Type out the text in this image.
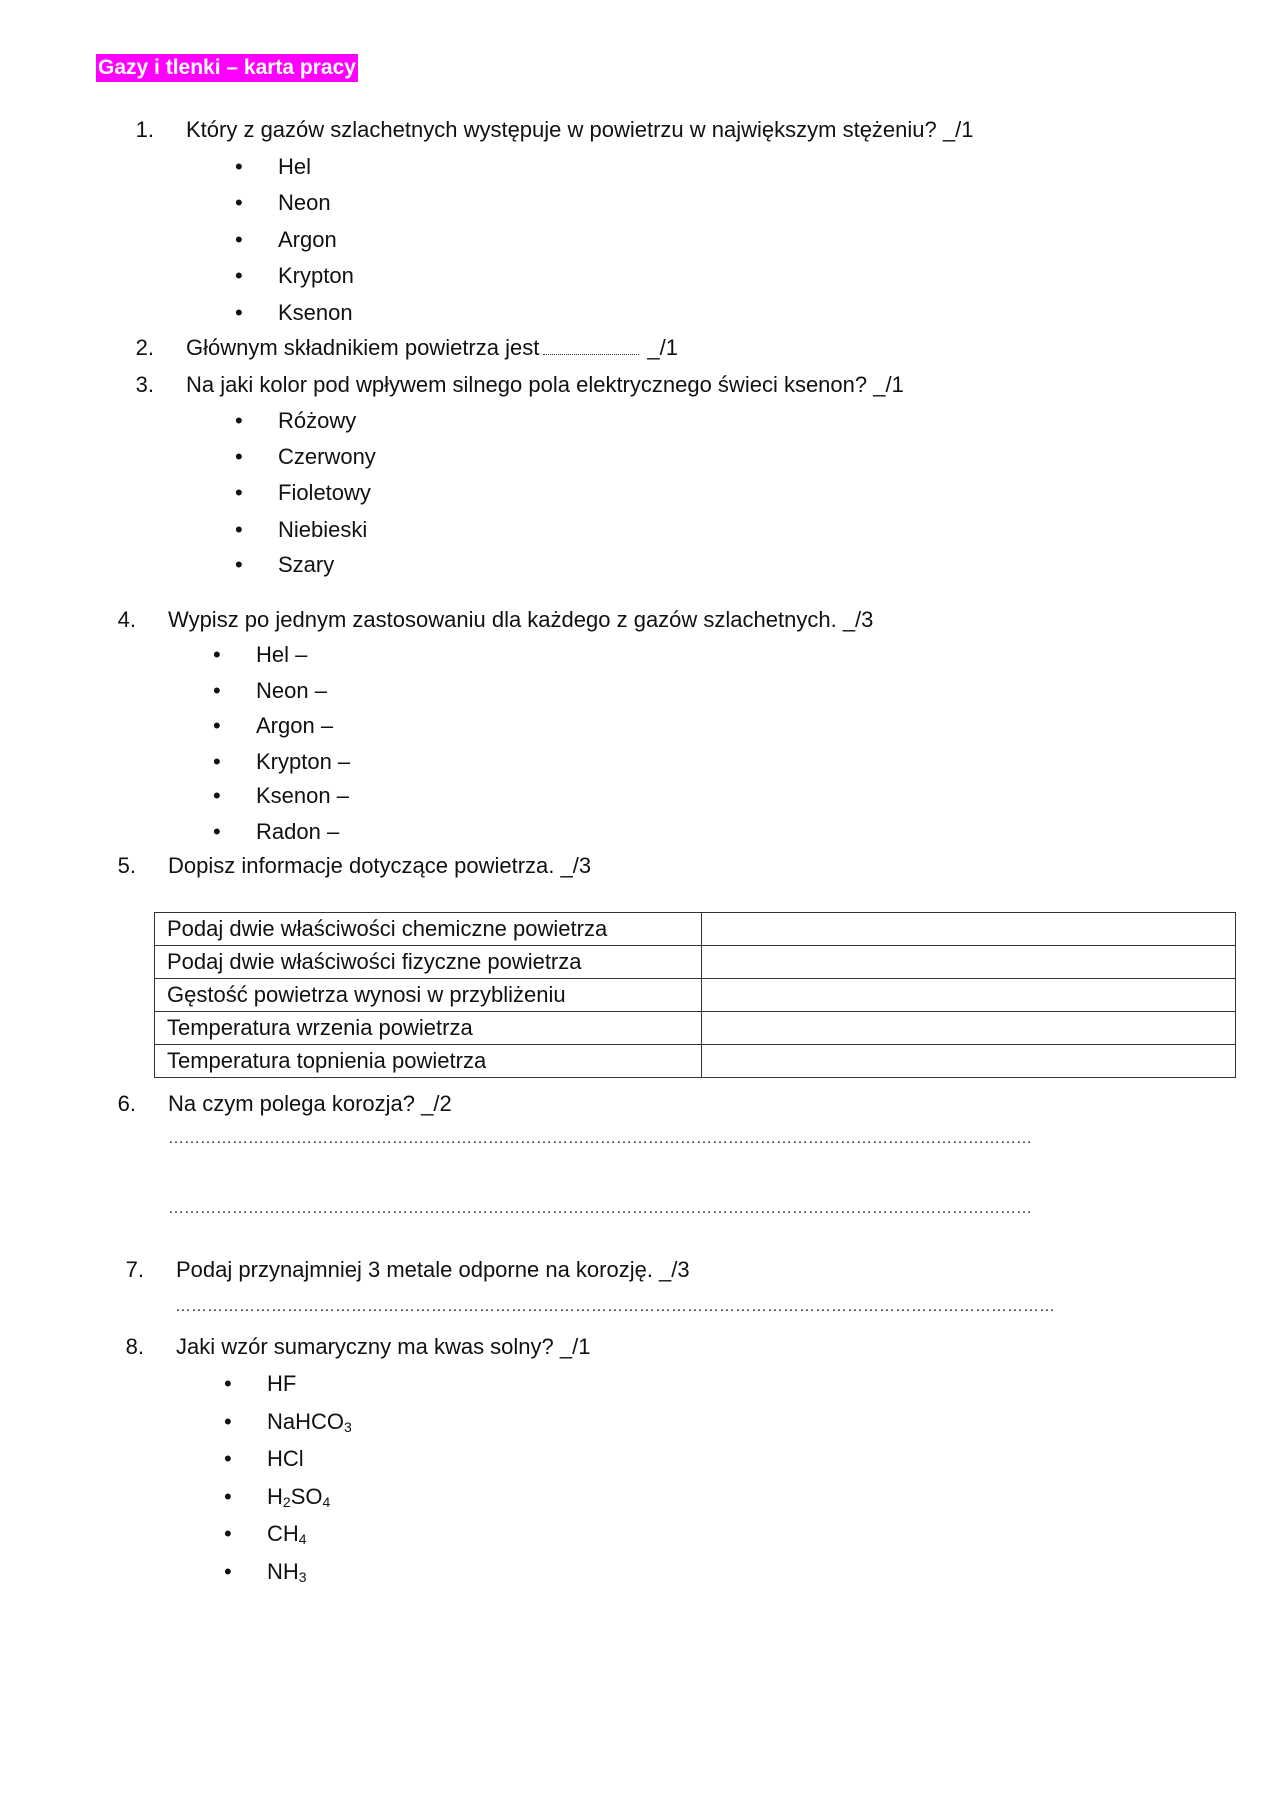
Gazy i tlenki – karta pracy
1. Który z gazów szlachetnych występuje w powietrzu w największym stężeniu? _/1
• Hel
• Neon
• Argon
• Krypton
• Ksenon
2. Głównym składnikiem powietrza jest	_/1
3. Na jaki kolor pod wpływem silnego pola elektrycznego świeci ksenon? _/1
• Różowy
• Czerwony
• Fioletowy
• Niebieski
• Szary
4. Wypisz po jednym zastosowaniu dla każdego z gazów szlachetnych. _/3
• Hel –
• Neon –
• Argon –
• Krypton –
• Ksenon –
• Radon –
5. Dopisz informacje dotyczące powietrza. _/3
Podaj dwie właściwości chemiczne powietrza	
Podaj dwie właściwości fizyczne powietrza	
Gęstość powietrza wynosi w przybliżeniu	
Temperatura wrzenia powietrza	
Temperatura topnienia powietrza	
6. Na czym polega korozja? _/2
………………………………………………………………………………………………………………………………………………
………………………………………………………………………………………………………………………………………………
7. Podaj przynajmniej 3 metale odporne na korozję. _/3
…………………………………………………………………………………………………………………………………………………
8. Jaki wzór sumaryczny ma kwas solny? _/1
• HF
• NaHCO$_3$
• HCl
• $H_2SO_4$
• $CH_4$
• $NH_3$
